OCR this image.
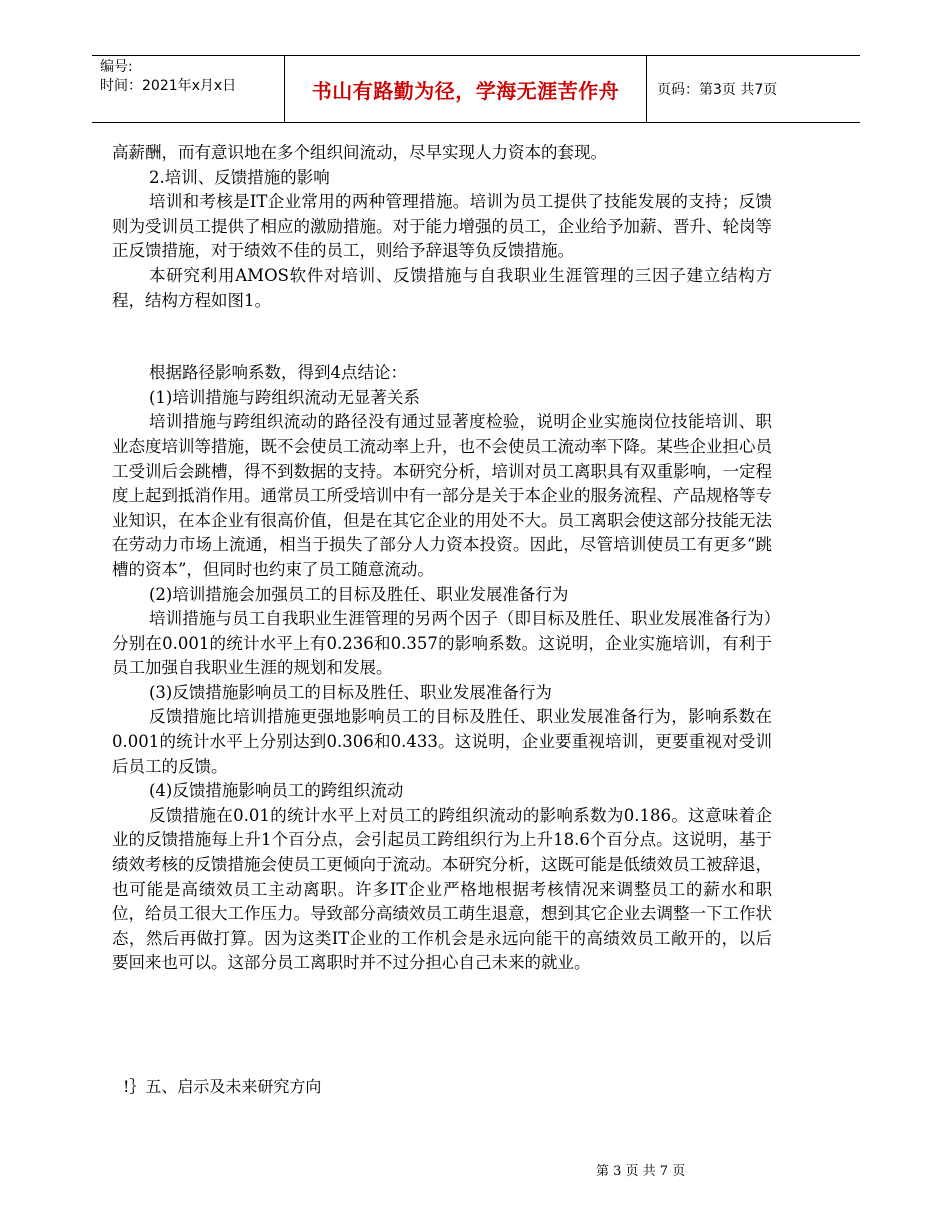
编号:
时间：2021年x月x日	书山有路勤为径，学海无涯苦作舟	页码：第3页 共7页

高薪酬，而有意识地在多个组织间流动，尽早实现人力资本的套现。

2.培训、反馈措施的影响

培训和考核是IT企业常用的两种管理措施。培训为员工提供了技能发展的支持；反馈则为受训员工提供了相应的激励措施。对于能力增强的员工，企业给予加薪、晋升、轮岗等正反馈措施，对于绩效不佳的员工，则给予辞退等负反馈措施。

本研究利用AMOS软件对培训、反馈措施与自我职业生涯管理的三因子建立结构方程，结构方程如图1。

根据路径影响系数，得到4点结论：

(1)培训措施与跨组织流动无显著关系

培训措施与跨组织流动的路径没有通过显著度检验，说明企业实施岗位技能培训、职业态度培训等措施，既不会使员工流动率上升，也不会使员工流动率下降。某些企业担心员工受训后会跳槽，得不到数据的支持。本研究分析，培训对员工离职具有双重影响，一定程度上起到抵消作用。通常员工所受培训中有一部分是关于本企业的服务流程、产品规格等专业知识，在本企业有很高价值，但是在其它企业的用处不大。员工离职会使这部分技能无法在劳动力市场上流通，相当于损失了部分人力资本投资。因此，尽管培训使员工有更多“跳槽的资本”，但同时也约束了员工随意流动。

(2)培训措施会加强员工的目标及胜任、职业发展准备行为

培训措施与员工自我职业生涯管理的另两个因子（即目标及胜任、职业发展准备行为）分别在0.001的统计水平上有0.236和0.357的影响系数。这说明，企业实施培训，有利于员工加强自我职业生涯的规划和发展。

(3)反馈措施影响员工的目标及胜任、职业发展准备行为

反馈措施比培训措施更强地影响员工的目标及胜任、职业发展准备行为，影响系数在0.001的统计水平上分别达到0.306和0.433。这说明，企业要重视培训，更要重视对受训后员工的反馈。

(4)反馈措施影响员工的跨组织流动

反馈措施在0.01的统计水平上对员工的跨组织流动的影响系数为0.186。这意味着企业的反馈措施每上升1个百分点，会引起员工跨组织行为上升18.6个百分点。这说明，基于绩效考核的反馈措施会使员工更倾向于流动。本研究分析，这既可能是低绩效员工被辞退，也可能是高绩效员工主动离职。许多IT企业严格地根据考核情况来调整员工的薪水和职位，给员工很大工作压力。导致部分高绩效员工萌生退意，想到其它企业去调整一下工作状态，然后再做打算。因为这类IT企业的工作机会是永远向能干的高绩效员工敞开的，以后要回来也可以。这部分员工离职时并不过分担心自己未来的就业。

!｝五、启示及未来研究方向
第 3 页 共 7 页
